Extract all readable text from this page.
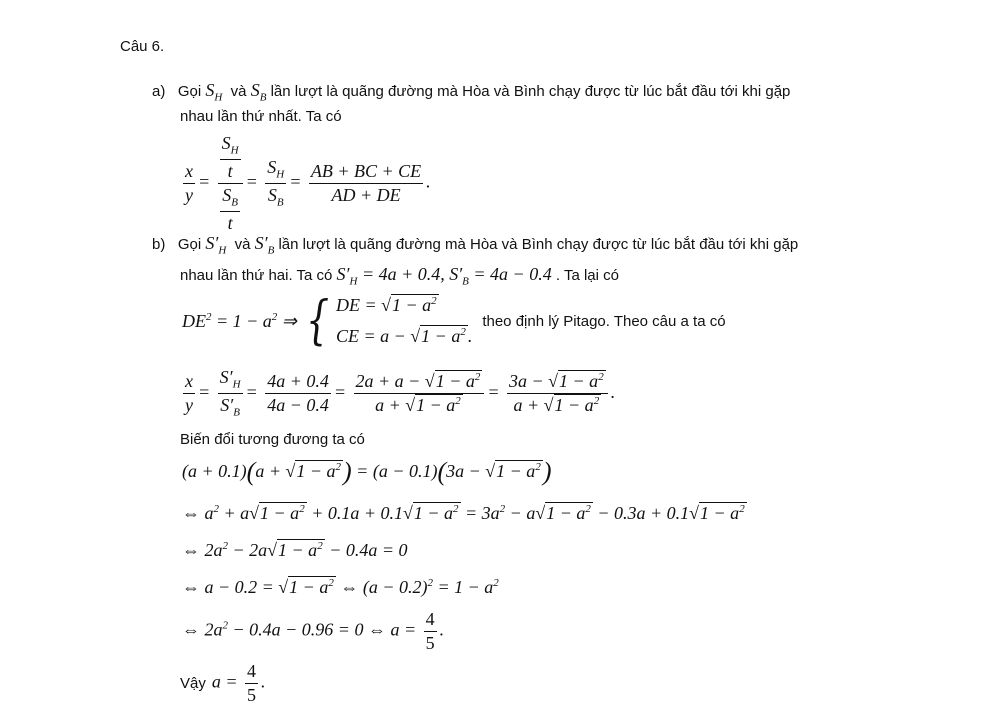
Câu 6.
a) Gọi $S_H$ và $S_B$ lần lượt là quãng đường mà Hòa và Bình chạy được từ lúc bắt đầu tới khi gặp
nhau lần thứ nhất. Ta có
$\frac{x}{y} = \frac{\frac{S_H}{t}}{\frac{S_B}{t}} = \frac{S_H}{S_B} = \frac{AB + BC + CE}{AD + DE}$ .
b) Gọi $S'_H$ và $S'_B$ lần lượt là quãng đường mà Hòa và Bình chạy được từ lúc bắt đầu tới khi gặp
nhau lần thứ hai. Ta có $S'_H = 4a + 0.4$, $S'_B = 4a - 0.4$ . Ta lại có
$DE^2 = 1 - a^2$ ⇒ { DE = $√1 - a^2$
CE = $a - √1 - a^2$ .
theo định lý Pitago. Theo câu a ta có
$\frac{x}{y} = \frac{S'_H}{S'_B} = \frac{4a + 0.4}{4a - 0.4} = \frac{2a + a - √1 - a^2}{a + √1 - a^2} = \frac{3a - √1 - a^2}{a + √1 - a^2}$ .
Biến đổi tương đương ta có
$(a + 0.1)(a + √1 - a^2) = (a - 0.1)(3a - √1 - a^2)$
⇔ $a^2 + a√1 - a^2 + 0.1a + 0.1√1 - a^2 = 3a^2 - a√1 - a^2 - 0.3a + 0.1√1 - a^2$
⇔ $2a^2 - 2a√1 - a^2 - 0.4a = 0$
⇔ $a - 0.2 = √1 - a^2$ ⇔ $(a - 0.2)^2 = 1 - a^2$
⇔ $2a^2 - 0.4a - 0.96 = 0$ ⇔ $a = \frac{4}{5}$ .
Vậy $a = \frac{4}{5}$ .
